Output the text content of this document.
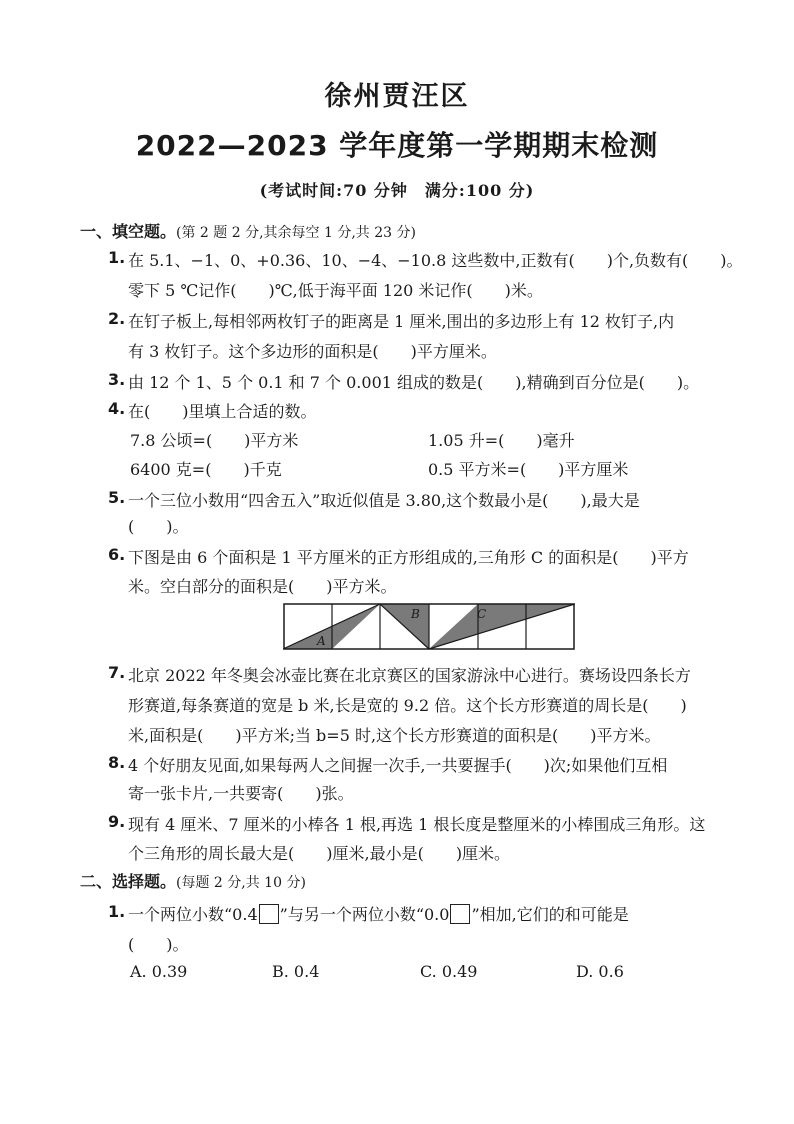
徐州贾汪区
2022—2023 学年度第一学期期末检测
(考试时间:70 分钟　满分:100 分)
一、填空题。(第 2 题 2 分,其余每空 1 分,共 23 分)
1. 在 5.1、−1、0、+0.36、10、−4、−10.8 这些数中,正数有(　　)个,负数有(　　)。
零下 5 ℃记作(　　)℃,低于海平面 120 米记作(　　)米。
2. 在钉子板上,每相邻两枚钉子的距离是 1 厘米,围出的多边形上有 12 枚钉子,内
有 3 枚钉子。这个多边形的面积是(　　)平方厘米。
3. 由 12 个 1、5 个 0.1 和 7 个 0.001 组成的数是(　　),精确到百分位是(　　)。
4. 在(　　)里填上合适的数。
7.8 公顷=(　　)平方米	1.05 升=(　　)毫升
6400 克=(　　)千克	0.5 平方米=(　　)平方厘米
5. 一个三位小数用“四舍五入”取近似值是 3.80,这个数最小是(　　),最大是
(　　)。
6. 下图是由 6 个面积是 1 平方厘米的正方形组成的,三角形 C 的面积是(　　)平方
米。空白部分的面积是(　　)平方米。
A
B	C
7. 北京 2022 年冬奥会冰壶比赛在北京赛区的国家游泳中心进行。赛场设四条长方
形赛道,每条赛道的宽是 b 米,长是宽的 9.2 倍。这个长方形赛道的周长是(　　)
米,面积是(　　)平方米;当 b=5 时,这个长方形赛道的面积是(　　)平方米。
8. 4 个好朋友见面,如果每两人之间握一次手,一共要握手(　　)次;如果他们互相
寄一张卡片,一共要寄(　　)张。
9. 现有 4 厘米、7 厘米的小棒各 1 根,再选 1 根长度是整厘米的小棒围成三角形。这
个三角形的周长最大是(　　)厘米,最小是(　　)厘米。
二、选择题。(每题 2 分,共 10 分)
1. 一个两位小数“0.4 ”与另一个两位小数“0.0 ”相加,它们的和可能是
(　　)。
A. 0.39	B. 0.4	C. 0.49	D. 0.6
